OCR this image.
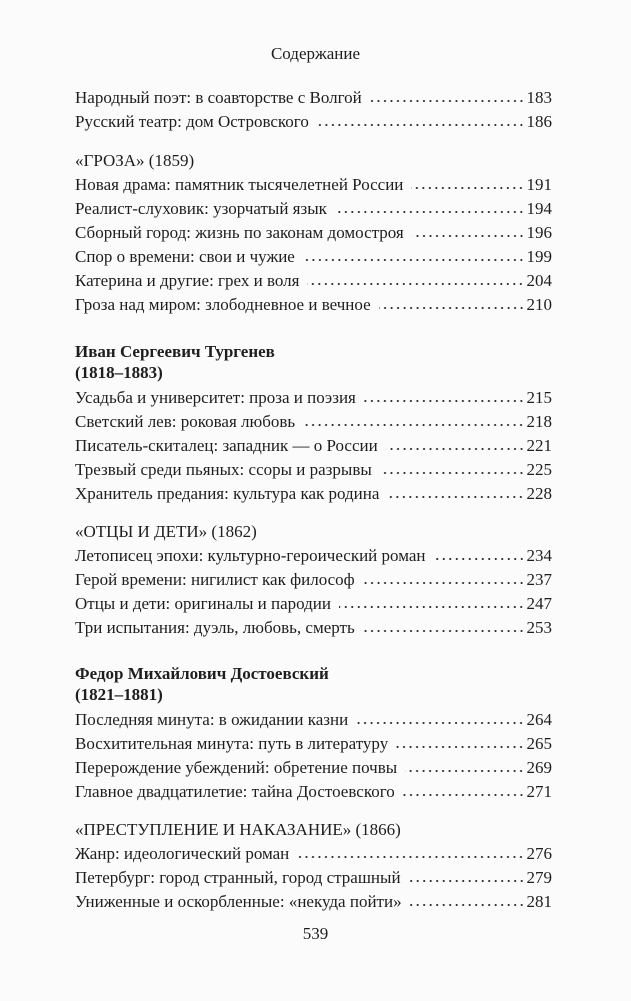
Содержание
Народный поэт: в соавторстве с Волгой	183
Русский театр: дом Островского	186
«ГРОЗА» (1859)
Новая драма: памятник тысячелетней России	191
Реалист-слуховик: узорчатый язык	194
Сборный город: жизнь по законам домостроя	196
Спор о времени: свои и чужие	199
Катерина и другие: грех и воля	204
Гроза над миром: злободневное и вечное	210
Иван Сергеевич Тургенев
(1818–1883)
Усадьба и университет: проза и поэзия	215
Светский лев: роковая любовь	218
Писатель-скиталец: западник — о России	221
Трезвый среди пьяных: ссоры и разрывы	225
Хранитель предания: культура как родина	228
«ОТЦЫ И ДЕТИ» (1862)
Летописец эпохи: культурно-героический роман	234
Герой времени: нигилист как философ	237
Отцы и дети: оригиналы и пародии	247
Три испытания: дуэль, любовь, смерть	253
Федор Михайлович Достоевский
(1821–1881)
Последняя минута: в ожидании казни	264
Восхитительная минута: путь в литературу	265
Перерождение убеждений: обретение почвы	269
Главное двадцатилетие: тайна Достоевского	271
«ПРЕСТУПЛЕНИЕ И НАКАЗАНИЕ» (1866)
Жанр: идеологический роман	276
Петербург: город странный, город страшный	279
Униженные и оскорбленные: «некуда пойти»	281
539
